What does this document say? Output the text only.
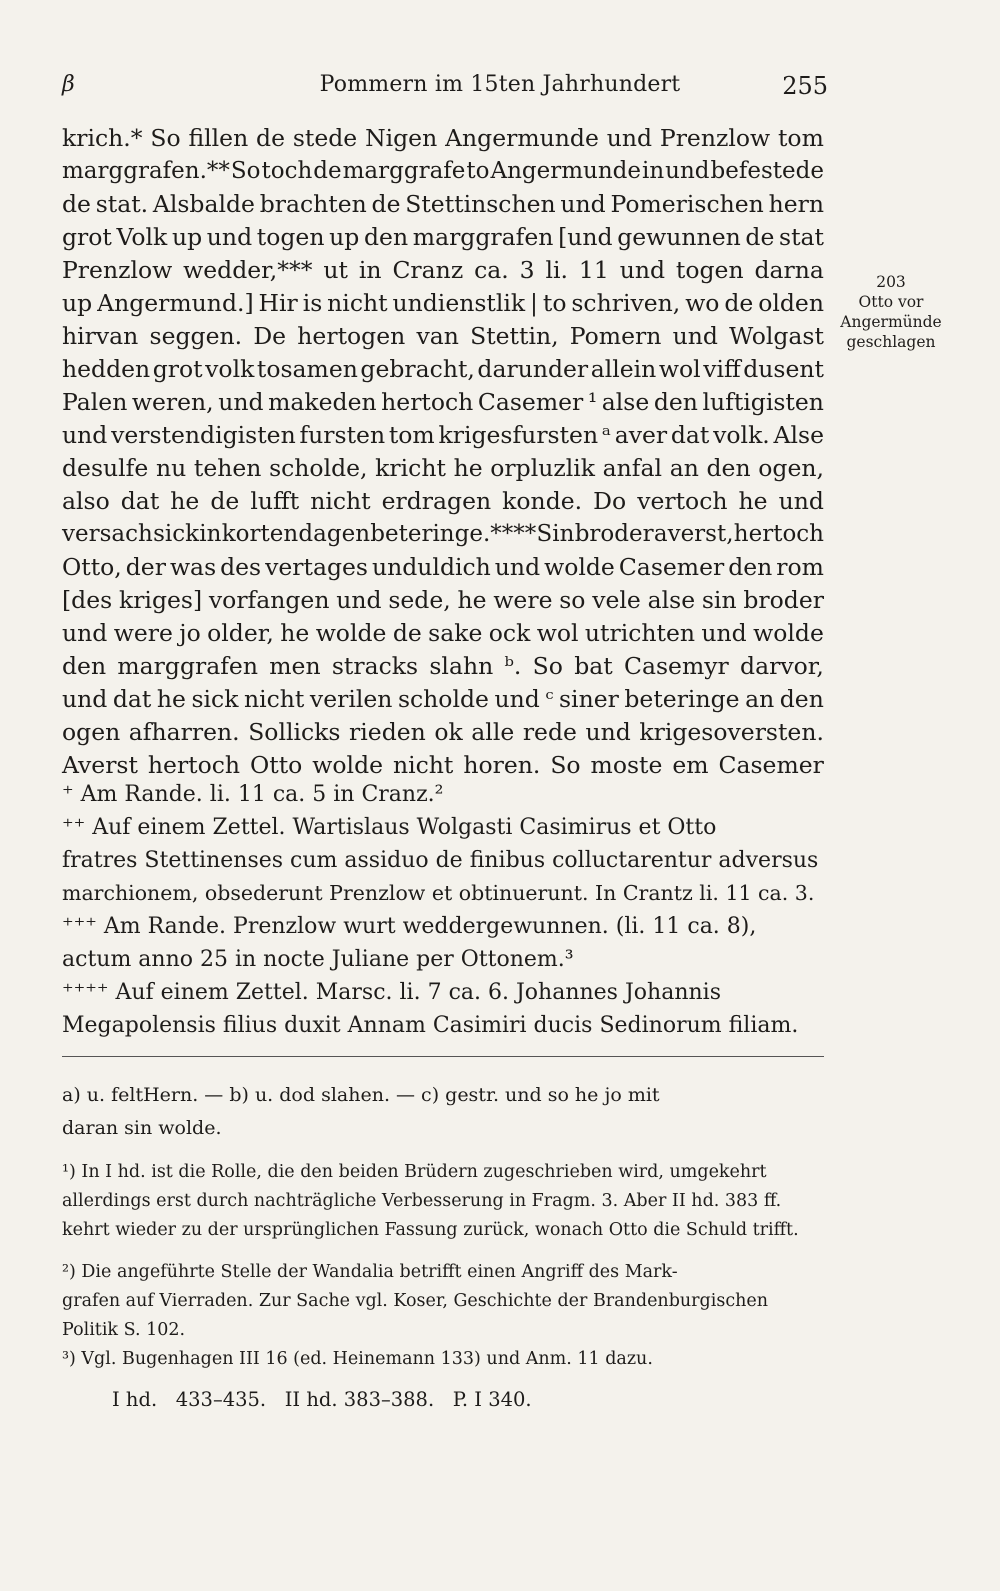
β	Pommern im 15ten Jahrhundert	255
krich.* So fillen de stede Nigen Angermunde und Prenzlow tom
marggrafen.** So toch de marggrafe to Angermunde in und befestede
de stat. Alsbalde brachten de Stettinschen und Pomerischen hern
grot Volk up und togen up den marggrafen [und gewunnen de stat
Prenzlow wedder,*** ut in Cranz ca. 3 li. 11 und togen darna
up Angermund.] Hir is nicht undienstlik | to schriven, wo de olden
hirvan seggen. De hertogen van Stettin, Pomern und Wolgast
hedden grot volk tosamen gebracht, darunder allein wol viff dusent
Palen weren, und makeden hertoch Casemer ¹ alse den luftigisten
und verstendigisten fursten tom krigesfursten ᵃ aver dat volk. Alse
desulfe nu tehen scholde, kricht he orpluzlik anfal an den ogen,
also dat he de lufft nicht erdragen konde. Do vertoch he und
versach sick in korten dagen beteringe.**** Sin broder averst, hertoch
Otto, der was des vertages unduldich und wolde Casemer den rom
[des kriges] vorfangen und sede, he were so vele alse sin broder
und were jo older, he wolde de sake ock wol utrichten und wolde
den marggrafen men stracks slahn ᵇ. So bat Casemyr darvor,
und dat he sick nicht verilen scholde und ᶜ siner beteringe an den
ogen afharren. Sollicks rieden ok alle rede und krigesoversten.
Averst hertoch Otto wolde nicht horen. So moste em Casemer
203
Otto vor
Angermünde
geschlagen
⁺ Am Rande. li. 11 ca. 5 in Cranz.²
⁺⁺ Auf einem Zettel. Wartislaus Wolgasti Casimirus et Otto
fratres Stettinenses cum assiduo de finibus colluctarentur adversus
marchionem, obsederunt Prenzlow et obtinuerunt. In Crantz li. 11 ca. 3.
⁺⁺⁺ Am Rande. Prenzlow wurt weddergewunnen. (li. 11 ca. 8),
actum anno 25 in nocte Juliane per Ottonem.³
⁺⁺⁺⁺ Auf einem Zettel. Marsc. li. 7 ca. 6. Johannes Johannis
Megapolensis filius duxit Annam Casimiri ducis Sedinorum filiam.
a) u. feltHern. — b) u. dod slahen. — c) gestr. und so he jo mit
daran sin wolde.
¹) In I hd. ist die Rolle, die den beiden Brüdern zugeschrieben wird, umgekehrt
allerdings erst durch nachträgliche Verbesserung in Fragm. 3. Aber II hd. 383 ff.
kehrt wieder zu der ursprünglichen Fassung zurück, wonach Otto die Schuld trifft.
²) Die angeführte Stelle der Wandalia betrifft einen Angriff des Mark-
grafen auf Vierraden. Zur Sache vgl. Koser, Geschichte der Brandenburgischen
Politik S. 102.
³) Vgl. Bugenhagen III 16 (ed. Heinemann 133) und Anm. 11 dazu.
I hd.   433–435.   II hd. 383–388.   P. I 340.
